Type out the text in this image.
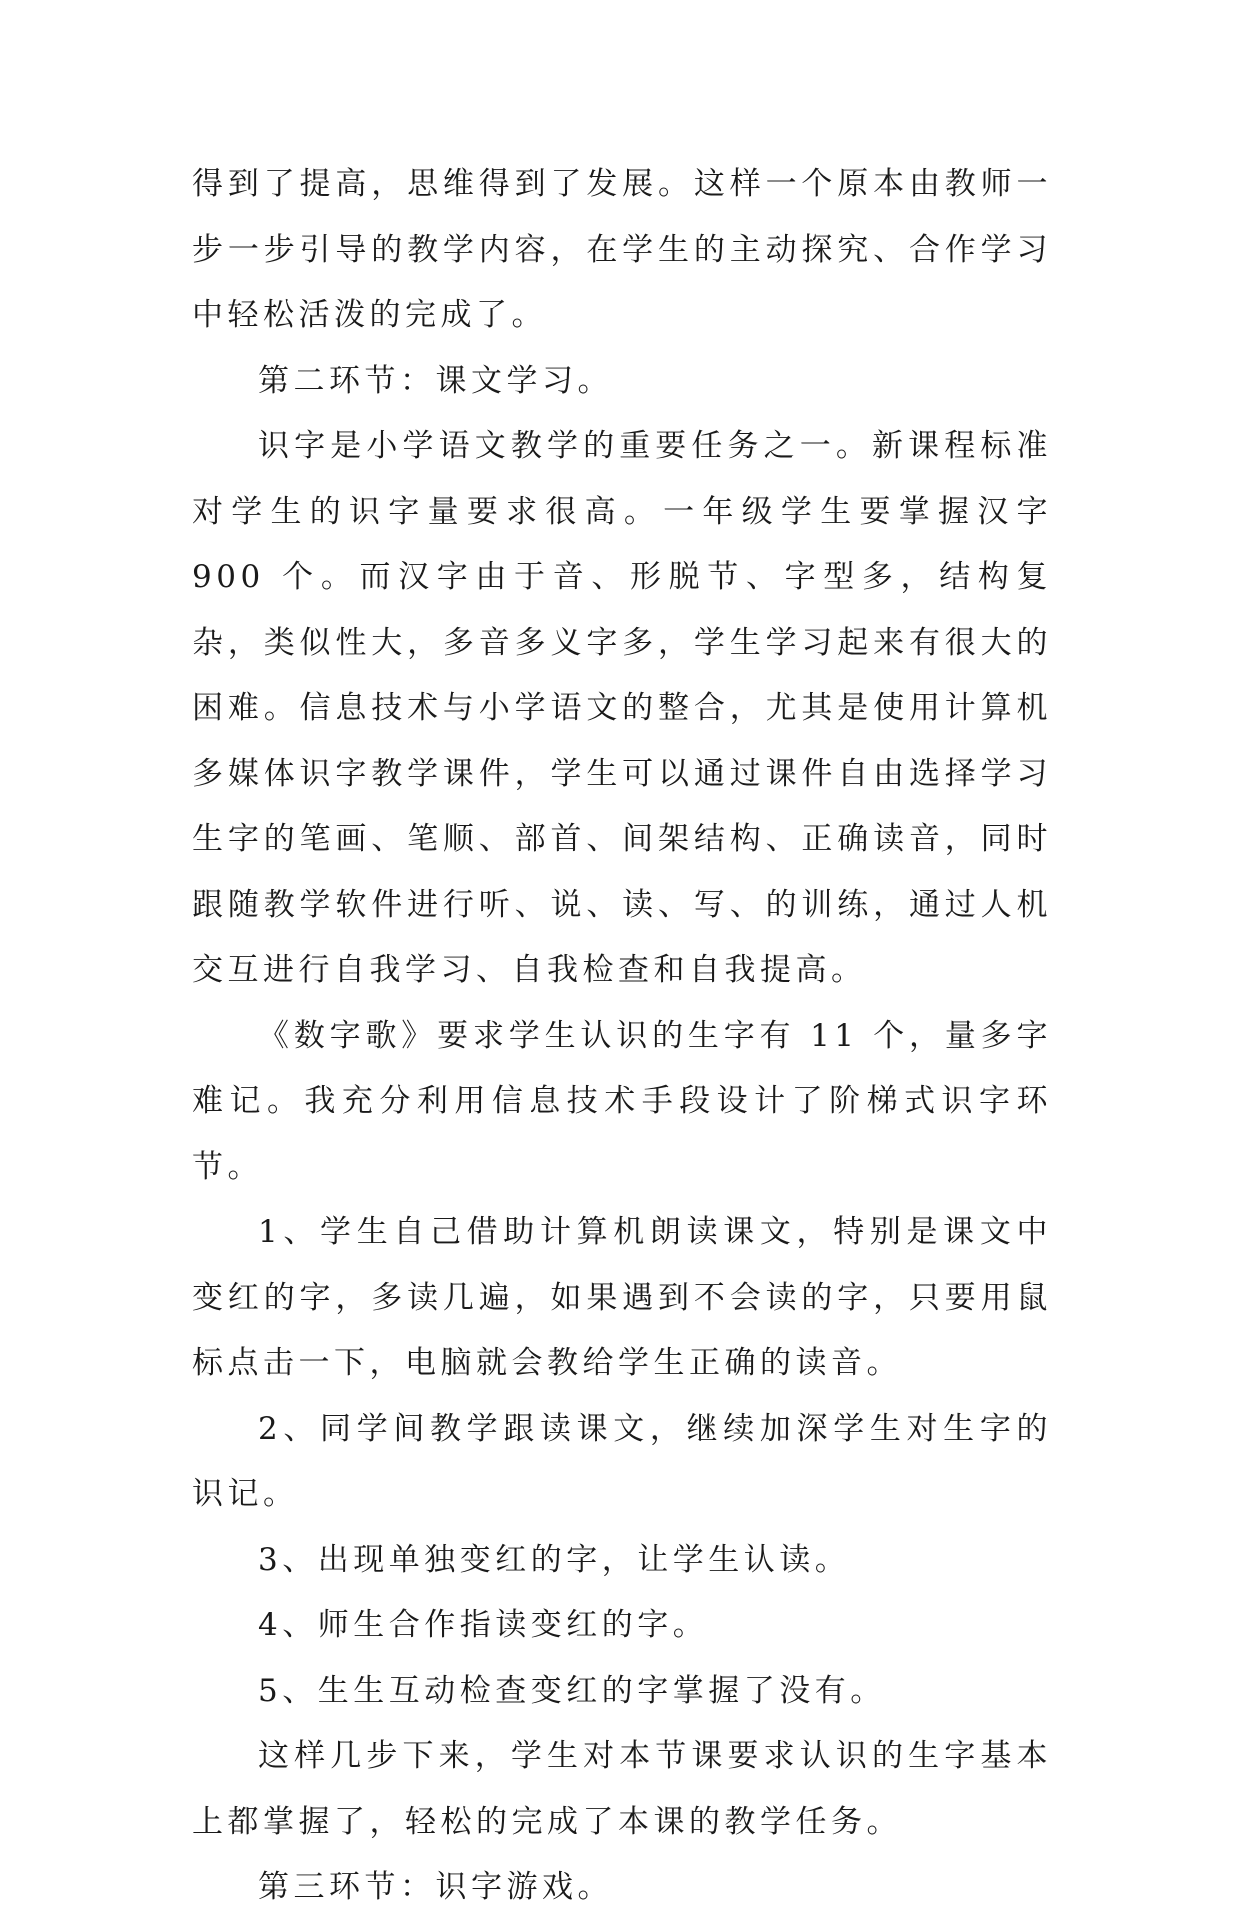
得到了提高，思维得到了发展。这样一个原本由教师一步一步引导的教学内容，在学生的主动探究、合作学习中轻松活泼的完成了。

第二环节：课文学习。

识字是小学语文教学的重要任务之一。新课程标准对学生的识字量要求很高。一年级学生要掌握汉字 900 个。而汉字由于音、形脱节、字型多，结构复杂，类似性大，多音多义字多，学生学习起来有很大的困难。信息技术与小学语文的整合，尤其是使用计算机多媒体识字教学课件，学生可以通过课件自由选择学习生字的笔画、笔顺、部首、间架结构、正确读音，同时跟随教学软件进行听、说、读、写、的训练，通过人机交互进行自我学习、自我检查和自我提高。

《数字歌》要求学生认识的生字有 11 个，量多字难记。我充分利用信息技术手段设计了阶梯式识字环节。

1、学生自己借助计算机朗读课文，特别是课文中变红的字，多读几遍，如果遇到不会读的字，只要用鼠标点击一下，电脑就会教给学生正确的读音。

2、同学间教学跟读课文，继续加深学生对生字的识记。

3、出现单独变红的字，让学生认读。

4、师生合作指读变红的字。

5、生生互动检查变红的字掌握了没有。

这样几步下来，学生对本节课要求认识的生字基本上都掌握了，轻松的完成了本课的教学任务。

第三环节：识字游戏。
